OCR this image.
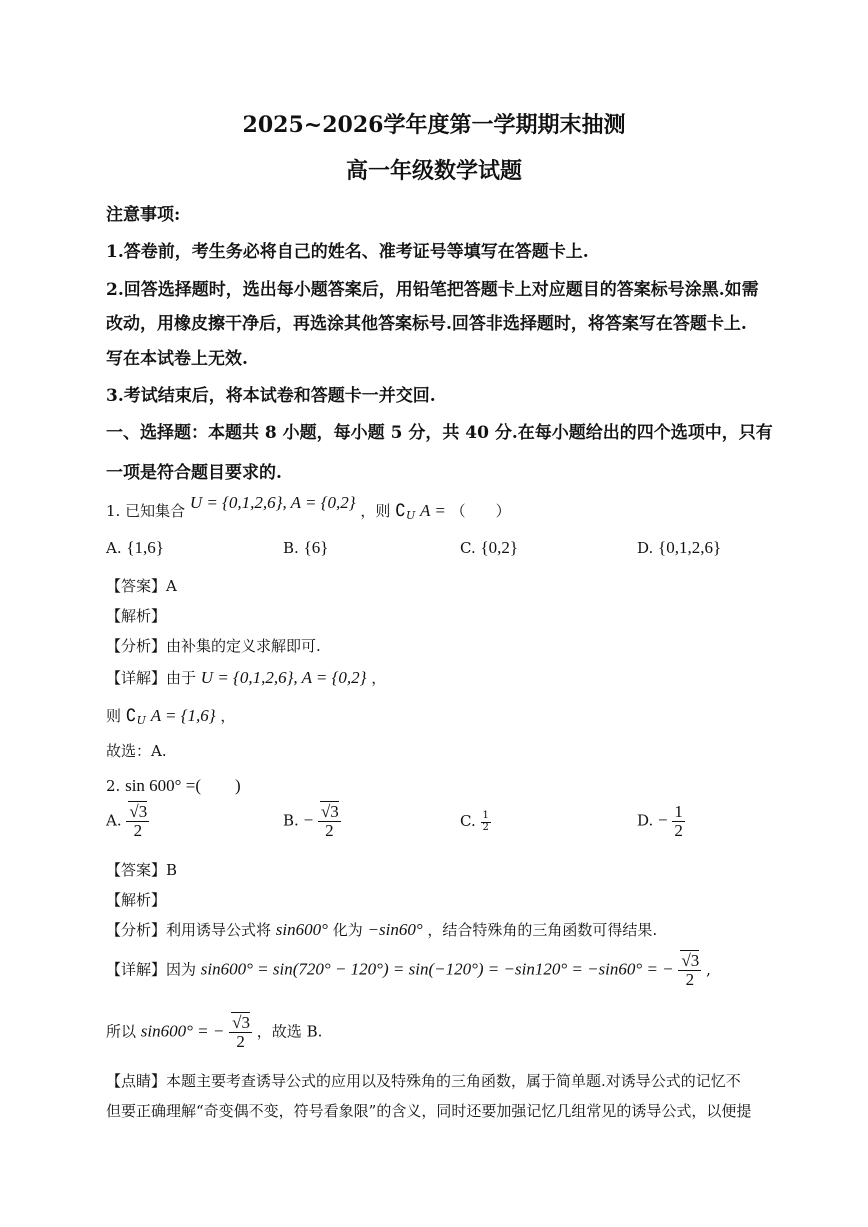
2025~2026学年度第一学期期末抽测
高一年级数学试题
注意事项:
1.答卷前，考生务必将自己的姓名、准考证号等填写在答题卡上.
2.回答选择题时，选出每小题答案后，用铅笔把答题卡上对应题目的答案标号涂黑.如需
改动，用橡皮擦干净后，再选涂其他答案标号.回答非选择题时，将答案写在答题卡上.
写在本试卷上无效.
3.考试结束后，将本试卷和答题卡一并交回.
一、选择题：本题共 8 小题，每小题 5 分，共 40 分.在每小题给出的四个选项中，只有
一项是符合题目要求的.
1. 已知集合 U = {0,1,2,6}, A = {0,2} ，则 $∁_U$ A = （　　）
A. {1,6}	B. {6}	C. {0,2}	D. {0,1,2,6}
【答案】A
【解析】
【分析】由补集的定义求解即可.
【详解】由于 U = {0,1,2,6}, A = {0,2} ，
则 $∁_U$ A = {1,6} ，
故选：A.
2. sin 600° =(　　)
A. $\frac{√3}{2}$	B. − $\frac{√3}{2}$	C. $\frac{1}{2}$	D. − $\frac{1}{2}$
【答案】B
【解析】
【分析】利用诱导公式将 sin600° 化为 −sin60° ，结合特殊角的三角函数可得结果.
【详解】因为 sin600° = sin(720° − 120°) = sin(−120°) = −sin120° = −sin60° = − $\frac{√3}{2}$ ,
所以 sin600° = − $\frac{√3}{2}$ ，故选 B.
【点睛】本题主要考查诱导公式的应用以及特殊角的三角函数，属于简单题.对诱导公式的记忆不
但要正确理解“奇变偶不变，符号看象限”的含义，同时还要加强记忆几组常见的诱导公式，以便提
